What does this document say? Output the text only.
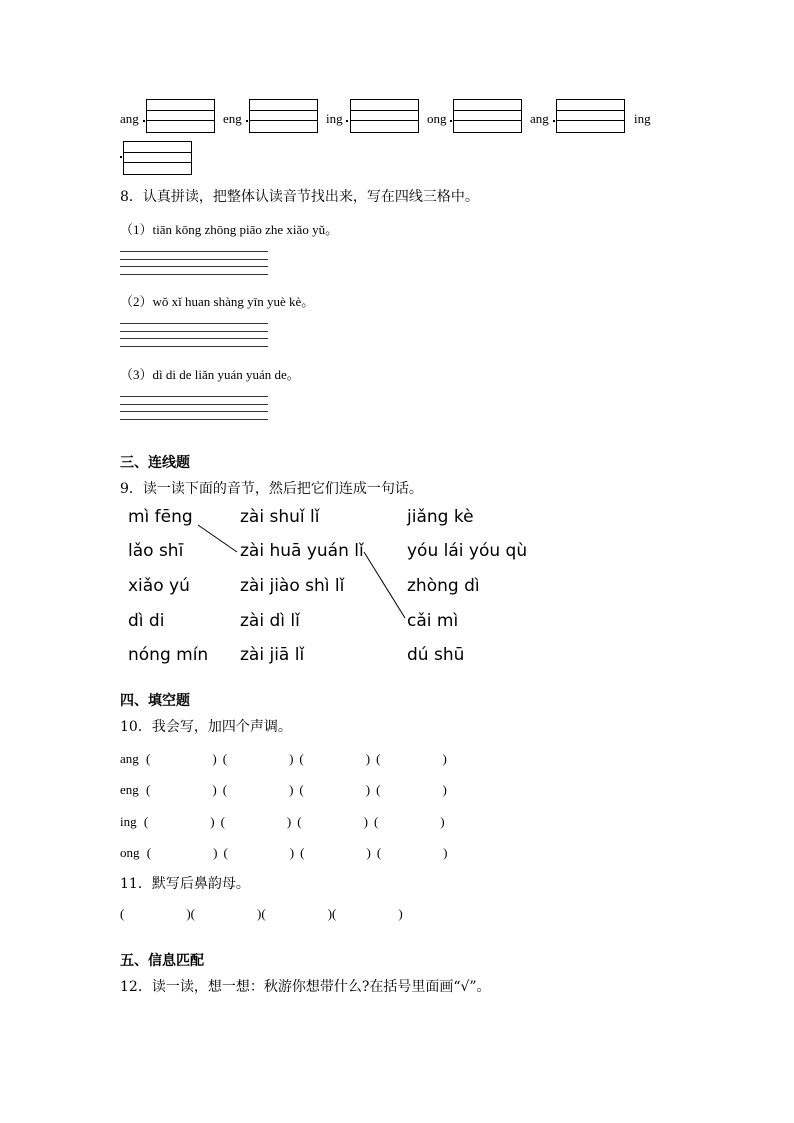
ang	eng	ing	ong	ang	ing
8．认真拼读，把整体认读音节找出来，写在四线三格中。
（1）tiān kōng zhōng piāo zhe xiǎo yǔ。
（2）wǒ xǐ huan shàng yīn yuè kè。
（3）dì di de liǎn yuán yuán de。
三、连线题
9．读一读下面的音节，然后把它们连成一句话。
mì fēng
lǎo shī
xiǎo yú
dì di
nóng mín
zài shuǐ lǐ
zài huā yuán lǐ
zài jiào shì lǐ
zài dì lǐ
zài jiā lǐ
jiǎng kè
yóu lái yóu qù
zhòng dì
cǎi mì
dú shū
四、填空题
10．我会写，加四个声调。
ang (	) (	) (	) (	)
eng (	) (	) (	) (	)
ing (	) (	) (	) (	)
ong (	) (	) (	) (	)
11．默写后鼻韵母。
(	)(	)(	)(	)
五、信息匹配
12．读一读，想一想：秋游你想带什么?在括号里面画“√”。
